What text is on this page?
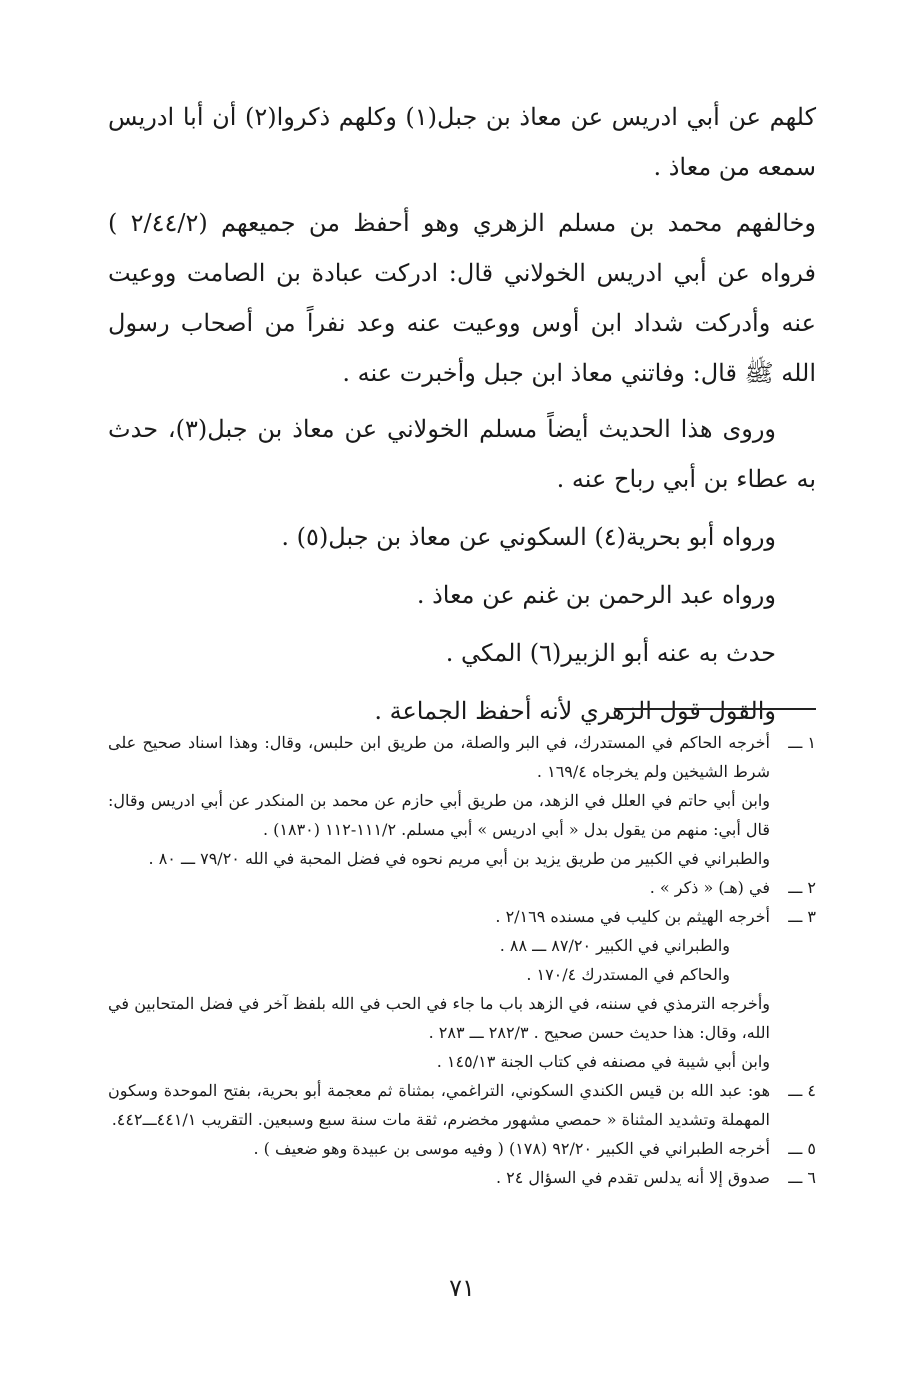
كلهم عن أبي ادريس عن معاذ بن جبل(١) وكلهم ذكروا(٢) أن أبا ادريس سمعه من معاذ .

وخالفهم محمد بن مسلم الزهري وهو أحفظ من جميعهم (٢/٤٤/٢ ) فرواه عن أبي ادريس الخولاني قال: ادركت عبادة بن الصامت ووعيت عنه وأدركت شداد ابن أوس ووعيت عنه وعد نفراً من أصحاب رسول الله ﷺ قال: وفاتني معاذ ابن جبل وأخبرت عنه .

وروى هذا الحديث أيضاً مسلم الخولاني عن معاذ بن جبل(٣)، حدث به عطاء بن أبي رباح عنه .

ورواه أبو بحرية(٤) السكوني عن معاذ بن جبل(٥) .

ورواه عبد الرحمن بن غنم عن معاذ .

حدث به عنه أبو الزبير(٦) المكي .

والقول قول الزهري لأنه أحفظ الجماعة .

١ ـــ
أخرجه الحاكم في المستدرك، في البر والصلة، من طريق ابن حلبس، وقال: وهذا اسناد صحيح على شرط الشيخين ولم يخرجاه ١٦٩/٤ .
وابن أبي حاتم في العلل في الزهد، من طريق أبي حازم عن محمد بن المنكدر عن أبي ادريس وقال: قال أبي: منهم من يقول بدل « أبي ادريس » أبي مسلم. ١١١/٢-١١٢ (١٨٣٠) .
والطبراني في الكبير من طريق يزيد بن أبي مريم نحوه في فضل المحبة في الله ٧٩/٢٠ ـــ ٨٠ .
٢ ـــ
في (هـ) « ذكر » .
٣ ـــ
أخرجه الهيثم بن كليب في مسنده ٢/١٦٩ .
والطبراني في الكبير ٨٧/٢٠ ـــ ٨٨ .
والحاكم في المستدرك ١٧٠/٤ .
وأخرجه الترمذي في سننه، في الزهد باب ما جاء في الحب في الله بلفظ آخر في فضل المتحابين في الله، وقال: هذا حديث حسن صحيح . ٢٨٢/٣ ـــ ٢٨٣ .
وابن أبي شيبة في مصنفه في كتاب الجنة ١٤٥/١٣ .
٤ ـــ
هو: عبد الله بن قيس الكندي السكوني، التراغمي، بمثناة ثم معجمة أبو بحرية، بفتح الموحدة وسكون المهملة وتشديد المثناة « حمصي مشهور مخضرم، ثقة مات سنة سبع وسبعين. التقريب ٤٤١/١ـــ٤٤٢.
٥ ـــ
أخرجه الطبراني في الكبير ٩٢/٢٠ (١٧٨) ( وفيه موسى بن عبيدة وهو ضعيف ) .
٦ ـــ
صدوق إلا أنه يدلس تقدم في السؤال ٢٤ .
٧١
